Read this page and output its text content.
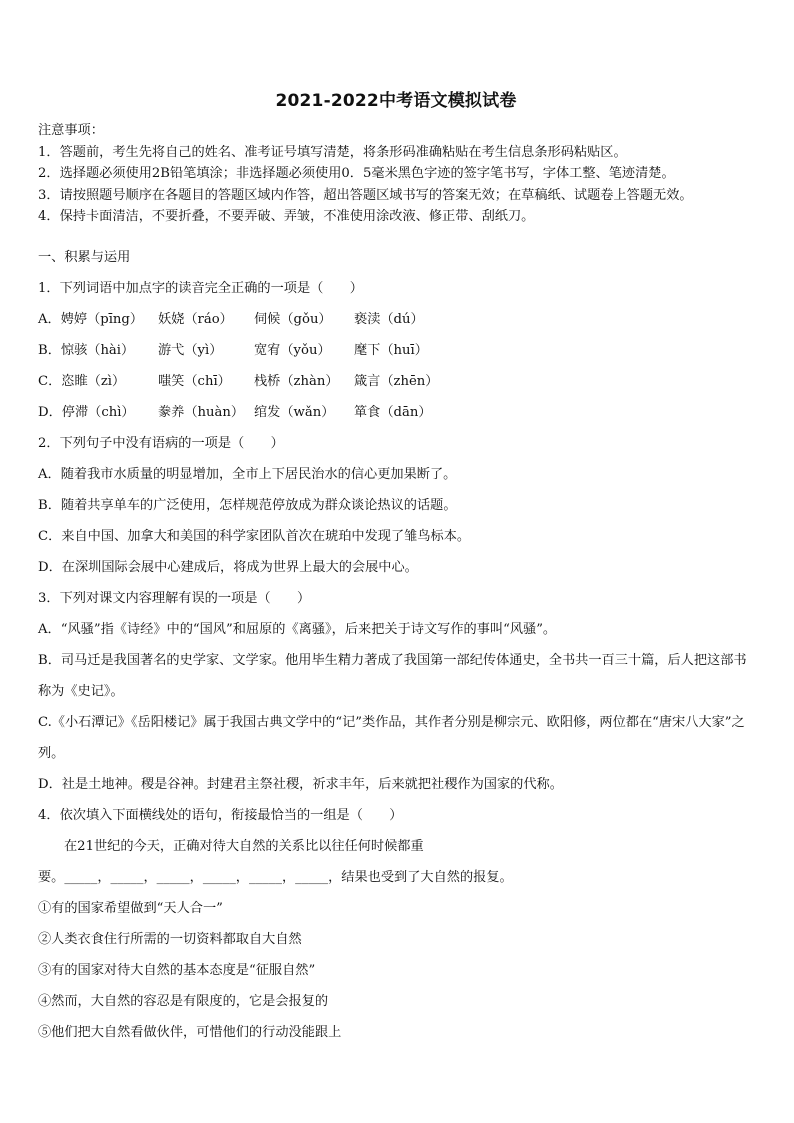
2021-2022中考语文模拟试卷
注意事项：
1．答题前，考生先将自己的姓名、准考证号填写清楚，将条形码准确粘贴在考生信息条形码粘贴区。
2．选择题必须使用2B铅笔填涂；非选择题必须使用0．5毫米黑色字迹的签字笔书写，字体工整、笔迹清楚。
3．请按照题号顺序在各题目的答题区域内作答，超出答题区域书写的答案无效；在草稿纸、试题卷上答题无效。
4．保持卡面清洁，不要折叠，不要弄破、弄皱，不准使用涂改液、修正带、刮纸刀。
一、积累与运用
1．下列词语中加点字的读音完全正确的一项是（　　）
A．娉婷（pīng）	妖娆（ráo）	伺候（gǒu）	亵渎（dú）
B．惊骇（hài）	游弋（yì）	宽宥（yǒu）	麾下（huī）
C．恣睢（zì）	嗤笑（chī）	栈桥（zhàn）	箴言（zhēn）
D．停滞（chì）	豢养（huàn） 绾发（wǎn）	箪食（dān）
2．下列句子中没有语病的一项是（　　）
A．随着我市水质量的明显增加，全市上下居民治水的信心更加果断了。
B．随着共享单车的广泛使用，怎样规范停放成为群众谈论热议的话题。
C．来自中国、加拿大和美国的科学家团队首次在琥珀中发现了雏鸟标本。
D．在深圳国际会展中心建成后，将成为世界上最大的会展中心。
3．下列对课文内容理解有误的一项是（　　）
A．“风骚”指《诗经》中的“国风”和屈原的《离骚》，后来把关于诗文写作的事叫“风骚”。
B．司马迁是我国著名的史学家、文学家。他用毕生精力著成了我国第一部纪传体通史，全书共一百三十篇，后人把这部书称为《史记》。
C.《小石潭记》《岳阳楼记》属于我国古典文学中的“记”类作品，其作者分别是柳宗元、欧阳修，两位都在“唐宋八大家”之列。
D．社是土地神。稷是谷神。封建君主祭社稷，祈求丰年，后来就把社稷作为国家的代称。
4．依次填入下面横线处的语句，衔接最恰当的一组是（　　）
在21世纪的今天，正确对待大自然的关系比以往任何时候都重
要。_____，_____，_____，_____，_____，_____，结果也受到了大自然的报复。
①有的国家希望做到“天人合一”
②人类衣食住行所需的一切资料都取自大自然
③有的国家对待大自然的基本态度是“征服自然”
④然而，大自然的容忍是有限度的，它是会报复的
⑤他们把大自然看做伙伴，可惜他们的行动没能跟上
